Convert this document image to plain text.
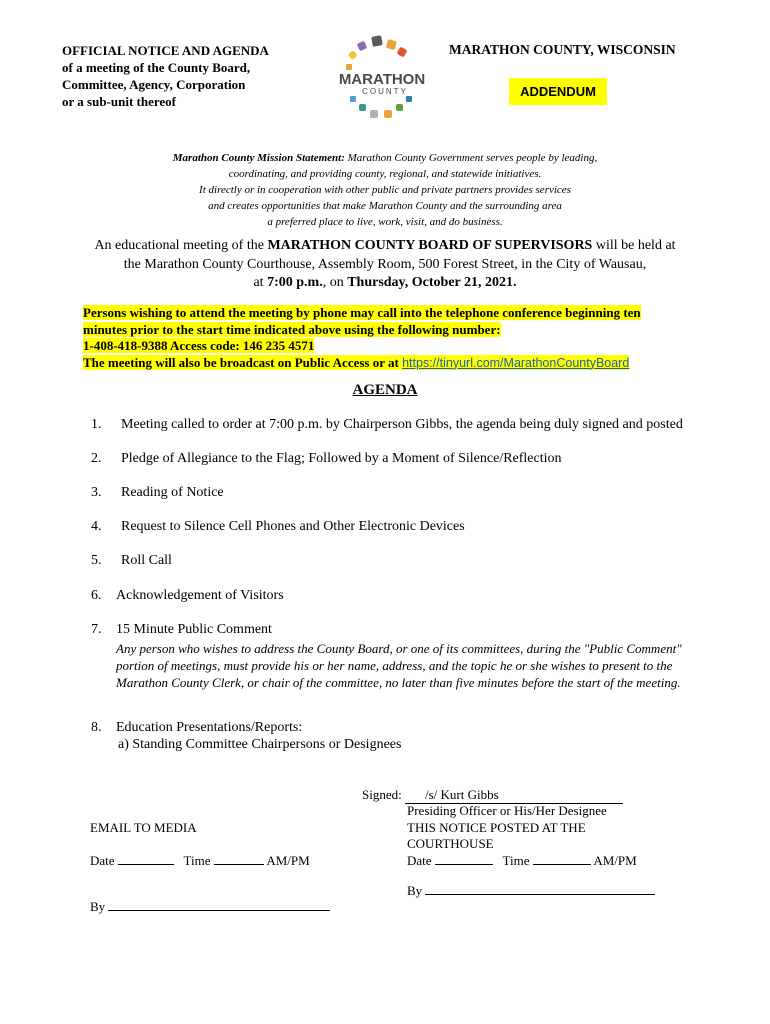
OFFICIAL NOTICE AND AGENDA
of a meeting of the County Board,
Committee, Agency, Corporation
or a sub-unit thereof
MARATHON
COUNTY
MARATHON COUNTY, WISCONSIN
ADDENDUM
Marathon County Mission Statement: Marathon County Government serves people by leading,
coordinating, and providing county, regional, and statewide initiatives.
It directly or in cooperation with other public and private partners provides services
and creates opportunities that make Marathon County and the surrounding area
a preferred place to live, work, visit, and do business.
An educational meeting of the MARATHON COUNTY BOARD OF SUPERVISORS will be held at
the Marathon County Courthouse, Assembly Room, 500 Forest Street, in the City of Wausau,
at 7:00 p.m., on Thursday, October 21, 2021.
Persons wishing to attend the meeting by phone may call into the telephone conference beginning ten
minutes prior to the start time indicated above using the following number:
1-408-418-9388 Access code: 146 235 4571
The meeting will also be broadcast on Public Access or at https://tinyurl.com/MarathonCountyBoard
AGENDA
1. Meeting called to order at 7:00 p.m. by Chairperson Gibbs, the agenda being duly signed and posted
2. Pledge of Allegiance to the Flag; Followed by a Moment of Silence/Reflection
3. Reading of Notice
4. Request to Silence Cell Phones and Other Electronic Devices
5. Roll Call
6. Acknowledgement of Visitors
7. 15 Minute Public Comment
Any person who wishes to address the County Board, or one of its committees, during the "Public Comment" portion of meetings, must provide his or her name, address, and the topic he or she wishes to present to the Marathon County Clerk, or chair of the committee, no later than five minutes before the start of the meeting.
8. Education Presentations/Reports:
a) Standing Committee Chairpersons or Designees
Signed: /s/ Kurt Gibbs
Presiding Officer or His/Her Designee
THIS NOTICE POSTED AT THE
COURTHOUSE
EMAIL TO MEDIA
Date	Time	AM/PM	Date	Time	AM/PM
By
By
